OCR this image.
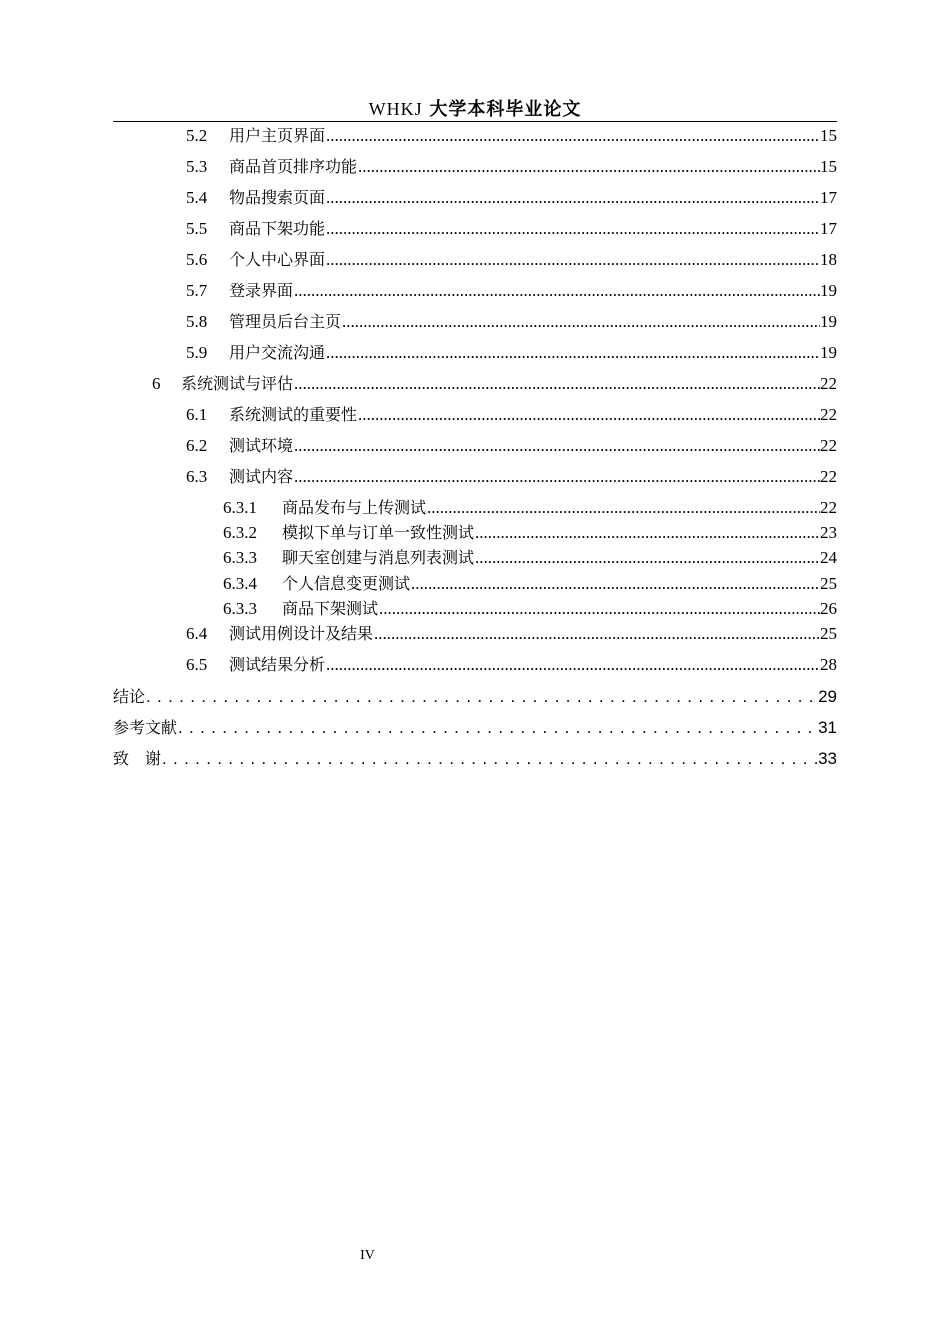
WHKJ 大学本科毕业论文
5.2	用户主页界面 .....	15
5.3	商品首页排序功能 .....	15
5.4	物品搜索页面 .....	17
5.5	商品下架功能 .....	17
5.6	个人中心界面 .....	18
5.7	登录界面 .....	19
5.8	管理员后台主页 .....	19
5.9	用户交流沟通 .....	19
6	系统测试与评估 .....	22
6.1	系统测试的重要性 .....	22
6.2	测试环境 .....	22
6.3	测试内容 .....	22
6.3.1	商品发布与上传测试 .....	22
6.3.2	模拟下单与订单一致性测试 .....	23
6.3.3	聊天室创建与消息列表测试 .....	24
6.3.4	个人信息变更测试 .....	25
6.3.3	商品下架测试 .....	26
6.4	测试用例设计及结果 .....	25
6.5	测试结果分析 .....	28
结论 . . .	29
参考文献 . . .	31
致　谢 . . .	33
IV
